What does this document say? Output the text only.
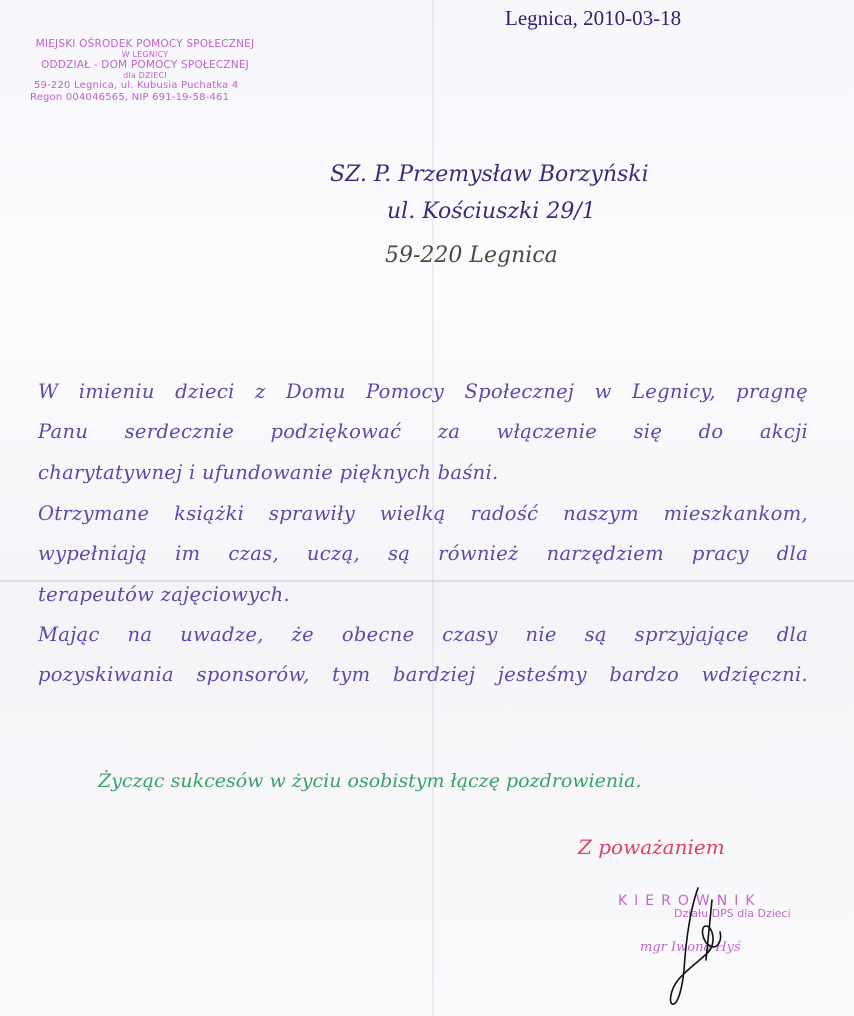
MIEJSKI OŚRODEK POMOCY SPOŁECZNEJ
W LEGNICY
ODDZIAŁ - DOM POMOCY SPOŁECZNEJ
dla DZIECI
59-220 Legnica, ul. Kubusia Puchatka 4
Regon 004046565, NIP 691-19-58-461
Legnica, 2010-03-18
SZ. P. Przemysław Borzyński
ul. Kościuszki 29/1
59-220 Legnica
W imieniu dzieci z Domu Pomocy Społecznej w Legnicy, pragnę
Panu serdecznie podziękować za włączenie się do akcji
charytatywnej i ufundowanie pięknych baśni.
Otrzymane książki sprawiły wielką radość naszym mieszkankom,
wypełniają im czas, uczą, są również narzędziem pracy dla
terapeutów zajęciowych.
Mając na uwadze, że obecne czasy nie są sprzyjające dla
pozyskiwania sponsorów, tym bardziej jesteśmy bardzo wdzięczni.
Życząc sukcesów w życiu osobistym łączę pozdrowienia.
Z poważaniem
KIEROWNIK
Działu DPS dla Dzieci
mgr Iwona Hyś
